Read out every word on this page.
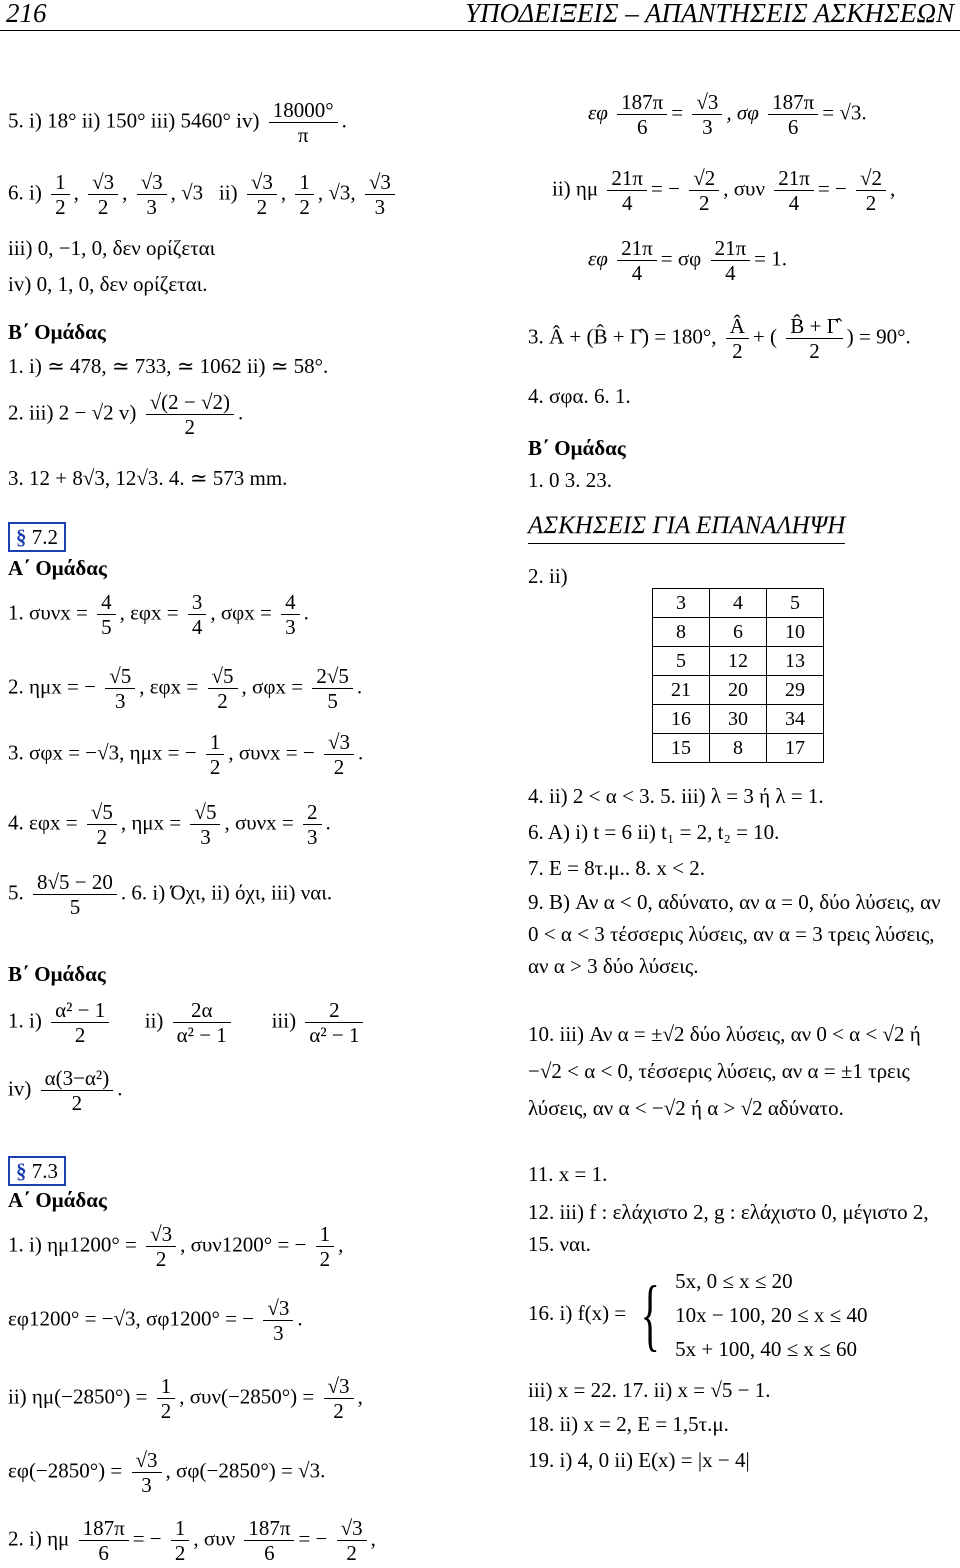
216	ΥΠΟΔΕΙΞΕΙΣ – ΑΠΑΝΤΗΣΕΙΣ ΑΣΚΗΣΕΩΝ
5. i) 18° ii) 150° iii) 5460° $iv) \frac{18000^\circ}{\pi}$ .
6. $i) \frac{1}{2}$ , $\frac{√3}{2}$ , $\frac{√3}{3}$ , √3 $ii) \frac{√3}{2}$ , $\frac{1}{2}$ , √3, $\frac{√3}{3}$
iii) 0, −1, 0, δεν ορίζεται
iv) 0, 1, 0, δεν ορίζεται.
Β΄ Ομάδας
1. i) ≃ 478, ≃ 733, ≃ 1062 ii) ≃ 58°.
2. iii) 2 − √2 $v) \frac{√(2 - √2)}{2}$ .
3. 12 + 8√3, 12√3. 4. ≃ 573 mm.
§ 7.2
Α΄ Ομάδας
1. $\sigma\upsilon\nu x = \frac{4}{5}$ , $\varepsilon\varphi x = \frac{3}{4}$ , $\sigma\varphi x = \frac{4}{3}$ .
2. ημx = − $\frac{√5}{3}$ , $\varepsilon\varphi x = \frac{√5}{2}$ , $\sigma\varphi x = \frac{2√5}{5}$ .
3. σφx = −√3, ημx = − $\frac{1}{2}$ , συνx = − $\frac{√3}{2}$ .
4. $\varepsilon\varphi x = \frac{√5}{2}$ , $\eta\mu x = \frac{√5}{3}$ , $\sigma\upsilon\nu x = \frac{2}{3}$ .
5. $\frac{8√5 - 20}{5}$ . 6. i) Όχι, ii) όχι, iii) ναι.
Β΄ Ομάδας
1. $i) \frac{\text{α² − 1}}{2} ii) \frac{2\alpha}{\text{α² − 1}} iii) \frac{2}{\text{α² − 1}}$
$iv) \frac{\text{α(3−α²)}}{2}$ .
§ 7.3
Α΄ Ομάδας
1. i) $\eta\mu 1200^\circ = \frac{√3}{2}$ , συν1200° = − $\frac{1}{2}$ ,
εφ1200° = −√3, σφ1200° = − $\frac{√3}{3}$ .
ii) $\eta\mu(-2850^\circ) = \frac{1}{2}$ , $\sigma\upsilon\nu(-2850^\circ) = \frac{√3}{2}$ ,
$\varepsilon\varphi(-2850^\circ) = \frac{√3}{3}$ , σφ(−2850°) = √3.
2. i) ημ $\frac{187\pi}{6}$ = − $\frac{1}{2}$ , συν $\frac{187\pi}{6}$ = − $\frac{√3}{2}$ ,
εφ $\frac{187\pi}{6} = \frac{√3}{3}$ , σφ $\frac{187\pi}{6} = √3$.
ii) ημ $\frac{21\pi}{4}$ = − $\frac{√2}{2}$ , συν $\frac{21\pi}{4}$ = − $\frac{√2}{2}$ ,
εφ $\frac{21\pi}{4} = \sigma\varphi \frac{21\pi}{4} = 1$.
3. Â + (B̂ + Γ̂) = 180°, $\frac{Â}{2}$ + ( $\frac{B̂ + \Gammâ}{2}$ ) = 90°.
4. σφα. 6. 1.
Β΄ Ομάδας
1. 0 3. 23.
ΑΣΚΗΣΕΙΣ ΓΙΑ ΕΠΑΝΑΛΗΨΗ
2. ii)
3	4	5
8	6	10
5	12	13
21	20	29
16	30	34
15	8	17
4. ii) 2 < α < 3. 5. iii) λ = 3 ή λ = 1.
6. A) i) t = 6 ii) t₁ = 2, t₂ = 10.
7. E = 8τ.μ.. 8. x < 2.
9. B) Αν α < 0, αδύνατο, αν α = 0, δύο λύσεις, αν 0 < α < 3 τέσσερις λύσεις, αν α = 3 τρεις λύσεις, αν α > 3 δύο λύσεις.
10. iii) Αν α = ±√2 δύο λύσεις, αν 0 < α < √2 ή −√2 < α < 0, τέσσερις λύσεις, αν α = ±1 τρεις λύσεις, αν α < −√2 ή α > √2 αδύνατο.
11. x = 1.
12. iii) f : ελάχιστο 2, g : ελάχιστο 0, μέγιστο 2, 15. ναι.
16. i) f(x) = { 5x, 0 ≤ x ≤ 20
10x − 100, 20 ≤ x ≤ 40
5x + 100, 40 ≤ x ≤ 60
iii) x = 22. 17. ii) x = √5 − 1.
18. ii) x = 2, E = 1,5τ.μ.
19. i) 4, 0 ii) E(x) = |x − 4|
